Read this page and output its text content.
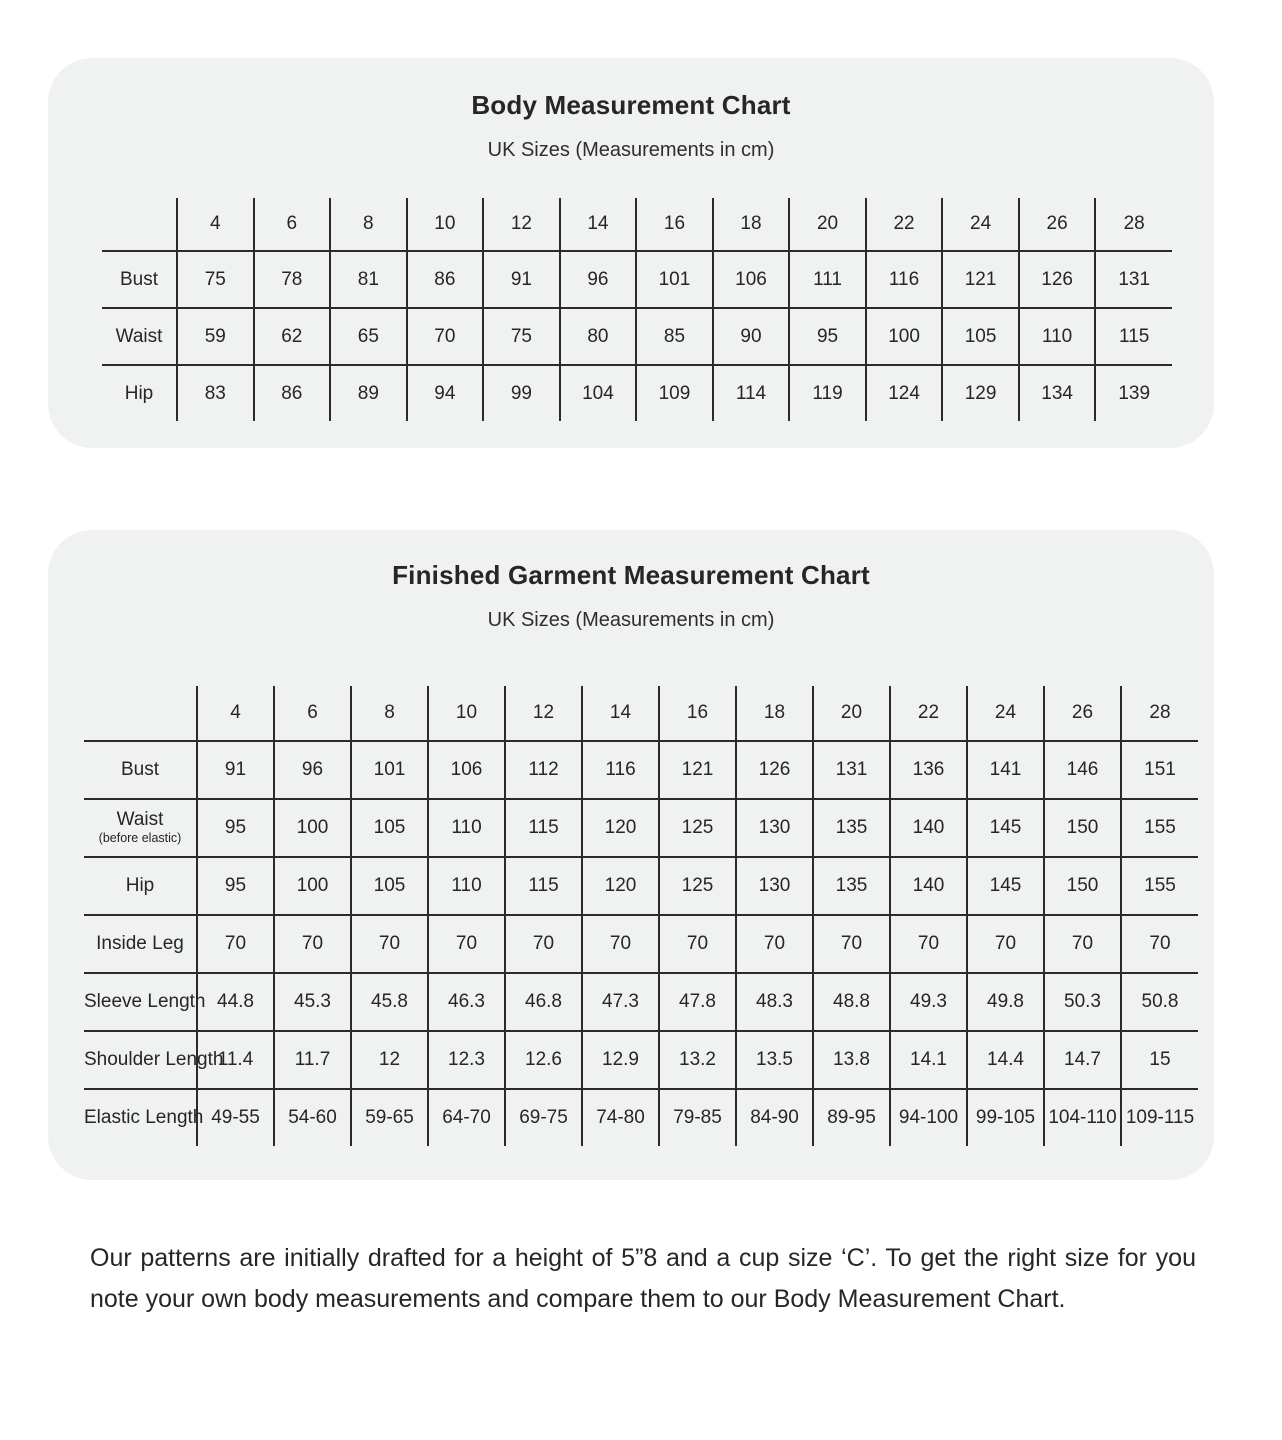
Body Measurement Chart
UK Sizes (Measurements in cm)
	4	6	8	10	12	14	16	18	20	22	24	26	28

Bust	75	78	81	86	91	96	101	106	111	116	121	126	131

Waist	59	62	65	70	75	80	85	90	95	100	105	110	115

Hip	83	86	89	94	99	104	109	114	119	124	129	134	139
Finished Garment Measurement Chart
UK Sizes (Measurements in cm)
	4	6	8	10	12	14	16	18	20	22	24	26	28

Bust	91	96	101	106	112	116	121	126	131	136	141	146	151

Waist
(before elastic)	95	100	105	110	115	120	125	130	135	140	145	150	155

Hip	95	100	105	110	115	120	125	130	135	140	145	150	155

Inside Leg	70	70	70	70	70	70	70	70	70	70	70	70	70

Sleeve Length	44.8	45.3	45.8	46.3	46.8	47.3	47.8	48.3	48.8	49.3	49.8	50.3	50.8

Shoulder Length	11.4	11.7	12	12.3	12.6	12.9	13.2	13.5	13.8	14.1	14.4	14.7	15

Elastic Length	49-55	54-60	59-65	64-70	69-75	74-80	79-85	84-90	89-95	94-100	99-105	104-110	109-115
Our patterns are initially drafted for a height of 5”8 and a cup size ‘C’. To get the right size for you note your own body measurements and compare them to our Body Measurement Chart.
